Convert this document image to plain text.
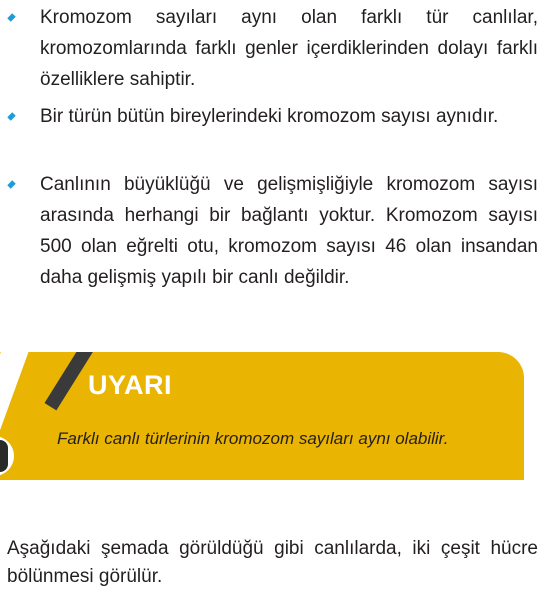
Kromozom sayıları aynı olan farklı tür canlılar, kromozomlarında farklı genler içerdiklerinden dolayı farklı özelliklere sahiptir.
Bir türün bütün bireylerindeki kromozom sayısı aynıdır.
Canlının büyüklüğü ve gelişmişliğiyle kromozom sayısı arasında herhangi bir bağlantı yoktur. Kromozom sayısı 500 olan eğrelti otu, kromozom sayısı 46 olan insandan daha gelişmiş yapılı bir canlı değildir.
UYARI
Farklı canlı türlerinin kromozom sayıları aynı olabilir.
Aşağıdaki şemada görüldüğü gibi canlılarda, iki çeşit hücre bölünmesi görülür.
